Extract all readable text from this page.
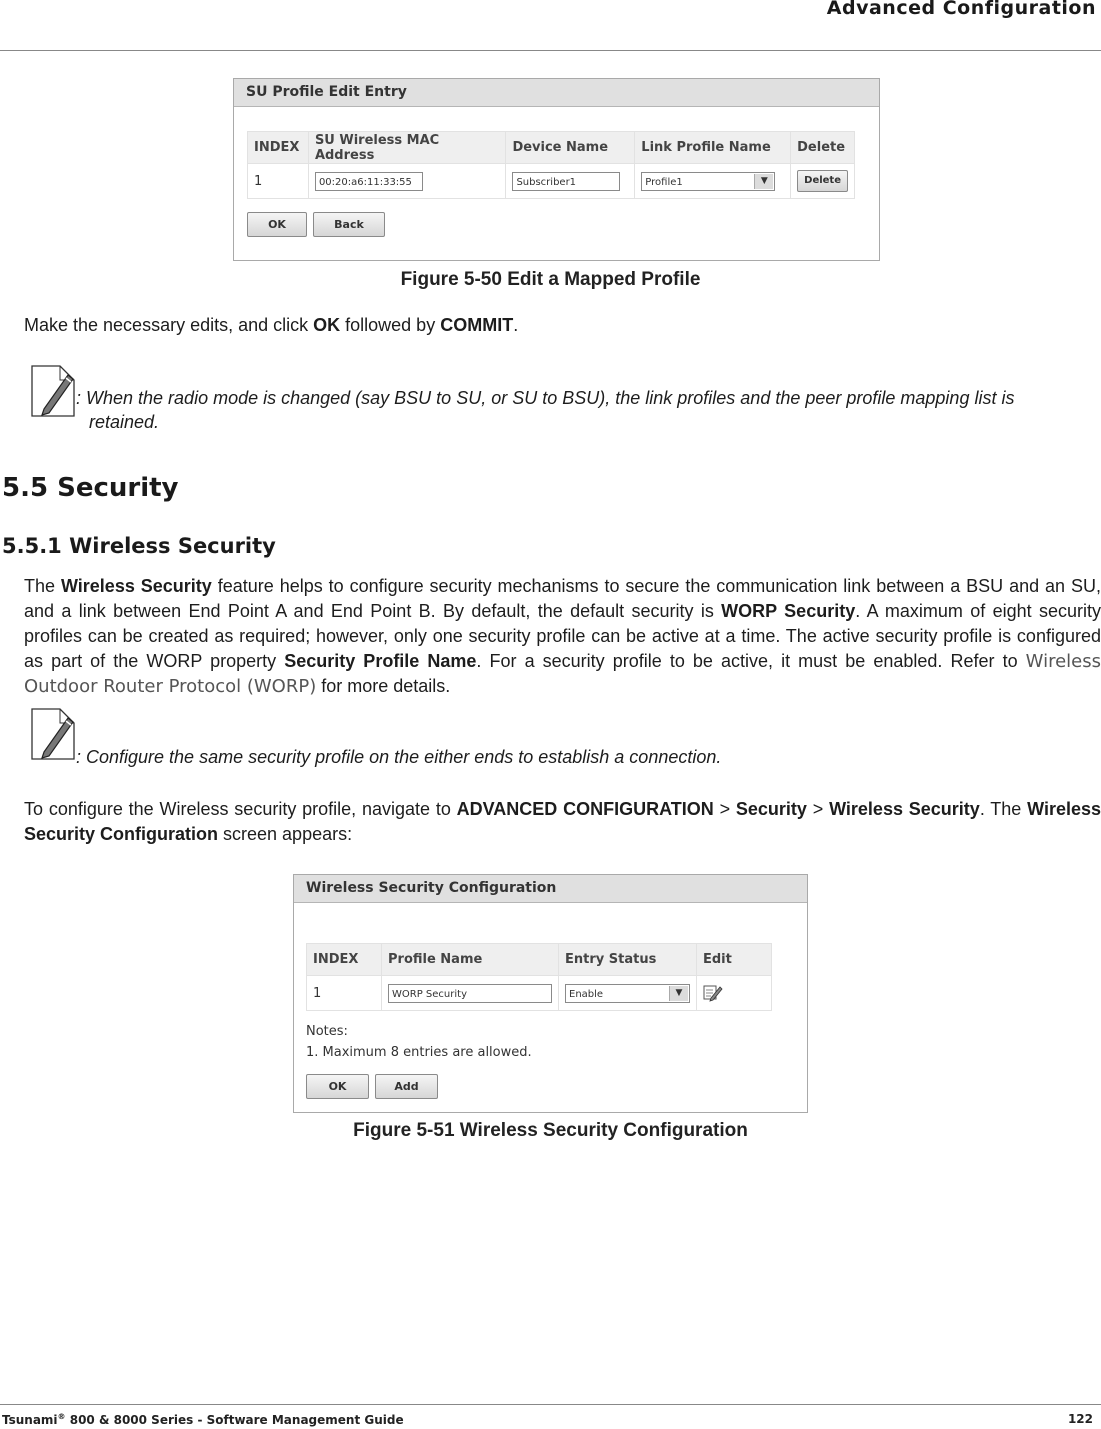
Advanced Configuration
SU Profile Edit Entry
INDEX	SU Wireless MAC Address	Device Name	Link Profile Name	Delete
1	00:20:a6:11:33:55	Subscriber1	Profile1 ▼	Delete
OK	Back
Figure 5-50 Edit a Mapped Profile
Make the necessary edits, and click OK followed by COMMIT.
: When the radio mode is changed (say BSU to SU, or SU to BSU), the link profiles and the peer profile mapping list is
retained.
5.5 Security
5.5.1 Wireless Security
The Wireless Security feature helps to configure security mechanisms to secure the communication link between a BSU and an SU, and a link between End Point A and End Point B. By default, the default security is WORP Security. A maximum of eight security profiles can be created as required; however, only one security profile can be active at a time. The active security profile is configured as part of the WORP property Security Profile Name. For a security profile to be active, it must be enabled. Refer to Wireless Outdoor Router Protocol (WORP) for more details.
: Configure the same security profile on the either ends to establish a connection.
To configure the Wireless security profile, navigate to ADVANCED CONFIGURATION > Security > Wireless Security. The Wireless Security Configuration screen appears:
Wireless Security Configuration
INDEX	Profile Name	Entry Status	Edit
1	WORP Security	Enable ▼

Notes:
1. Maximum 8 entries are allowed.
OK	Add
Figure 5-51 Wireless Security Configuration
Tsunami® 800 & 8000 Series - Software Management Guide	122
